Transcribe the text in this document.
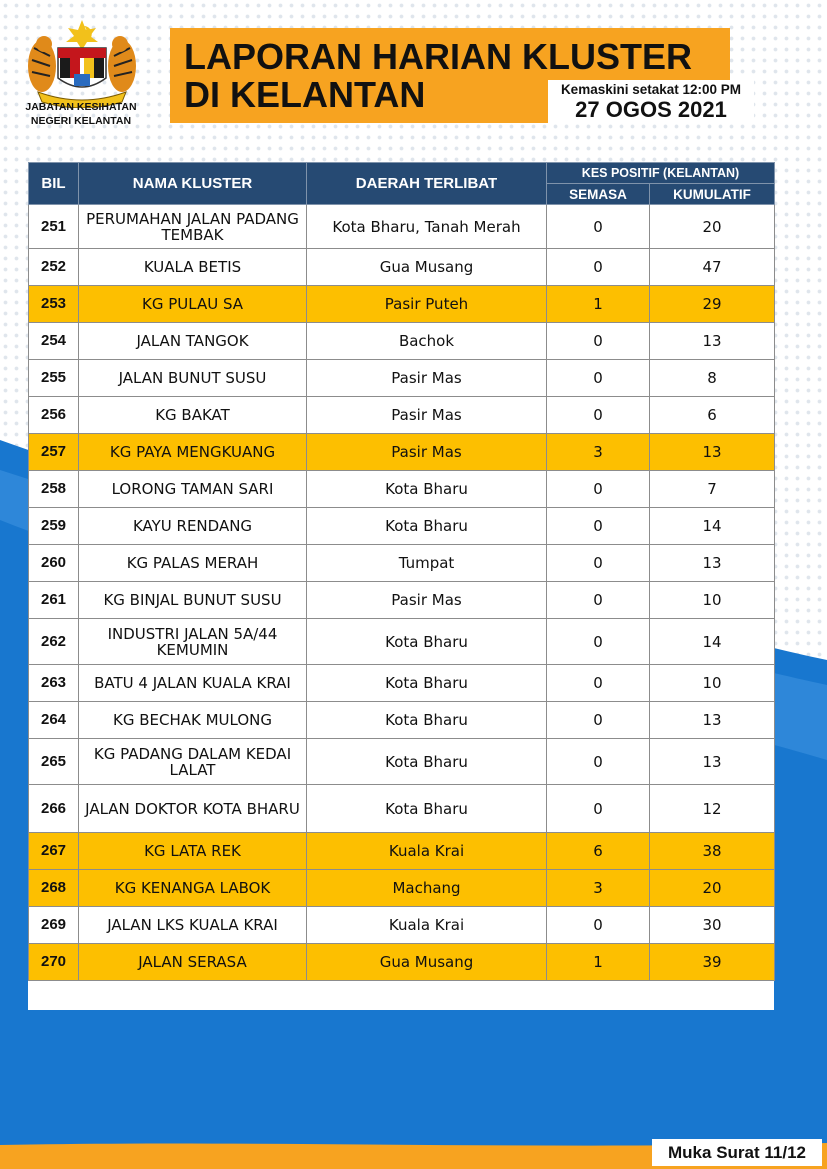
JABATAN KESIHATAN NEGERI KELANTAN
LAPORAN HARIAN KLUSTER
DI KELANTAN	Kemaskini setakat 12:00 PM
27 OGOS 2021
BIL	NAMA KLUSTER	DAERAH TERLIBAT	KES POSITIF (KELANTAN)	
			SEMASA	KUMULATIF
251	PERUMAHAN JALAN PADANG TEMBAK	Kota Bharu, Tanah Merah	0	20
252	KUALA BETIS	Gua Musang	0	47
253	KG PULAU SA	Pasir Puteh	1	29
254	JALAN TANGOK	Bachok	0	13
255	JALAN BUNUT SUSU	Pasir Mas	0	8
256	KG BAKAT	Pasir Mas	0	6
257	KG PAYA MENGKUANG	Pasir Mas	3	13
258	LORONG TAMAN SARI	Kota Bharu	0	7
259	KAYU RENDANG	Kota Bharu	0	14
260	KG PALAS MERAH	Tumpat	0	13
261	KG BINJAL BUNUT SUSU	Pasir Mas	0	10
262	INDUSTRI JALAN 5A/44 KEMUMIN	Kota Bharu	0	14
263	BATU 4 JALAN KUALA KRAI	Kota Bharu	0	10
264	KG BECHAK MULONG	Kota Bharu	0	13
265	KG PADANG DALAM KEDAI LALAT	Kota Bharu	0	13
266	JALAN DOKTOR KOTA BHARU	Kota Bharu	0	12
267	KG LATA REK	Kuala Krai	6	38
268	KG KENANGA LABOK	Machang	3	20
269	JALAN LKS KUALA KRAI	Kuala Krai	0	30
270	JALAN SERASA	Gua Musang	1	39
Muka Surat 11/12
